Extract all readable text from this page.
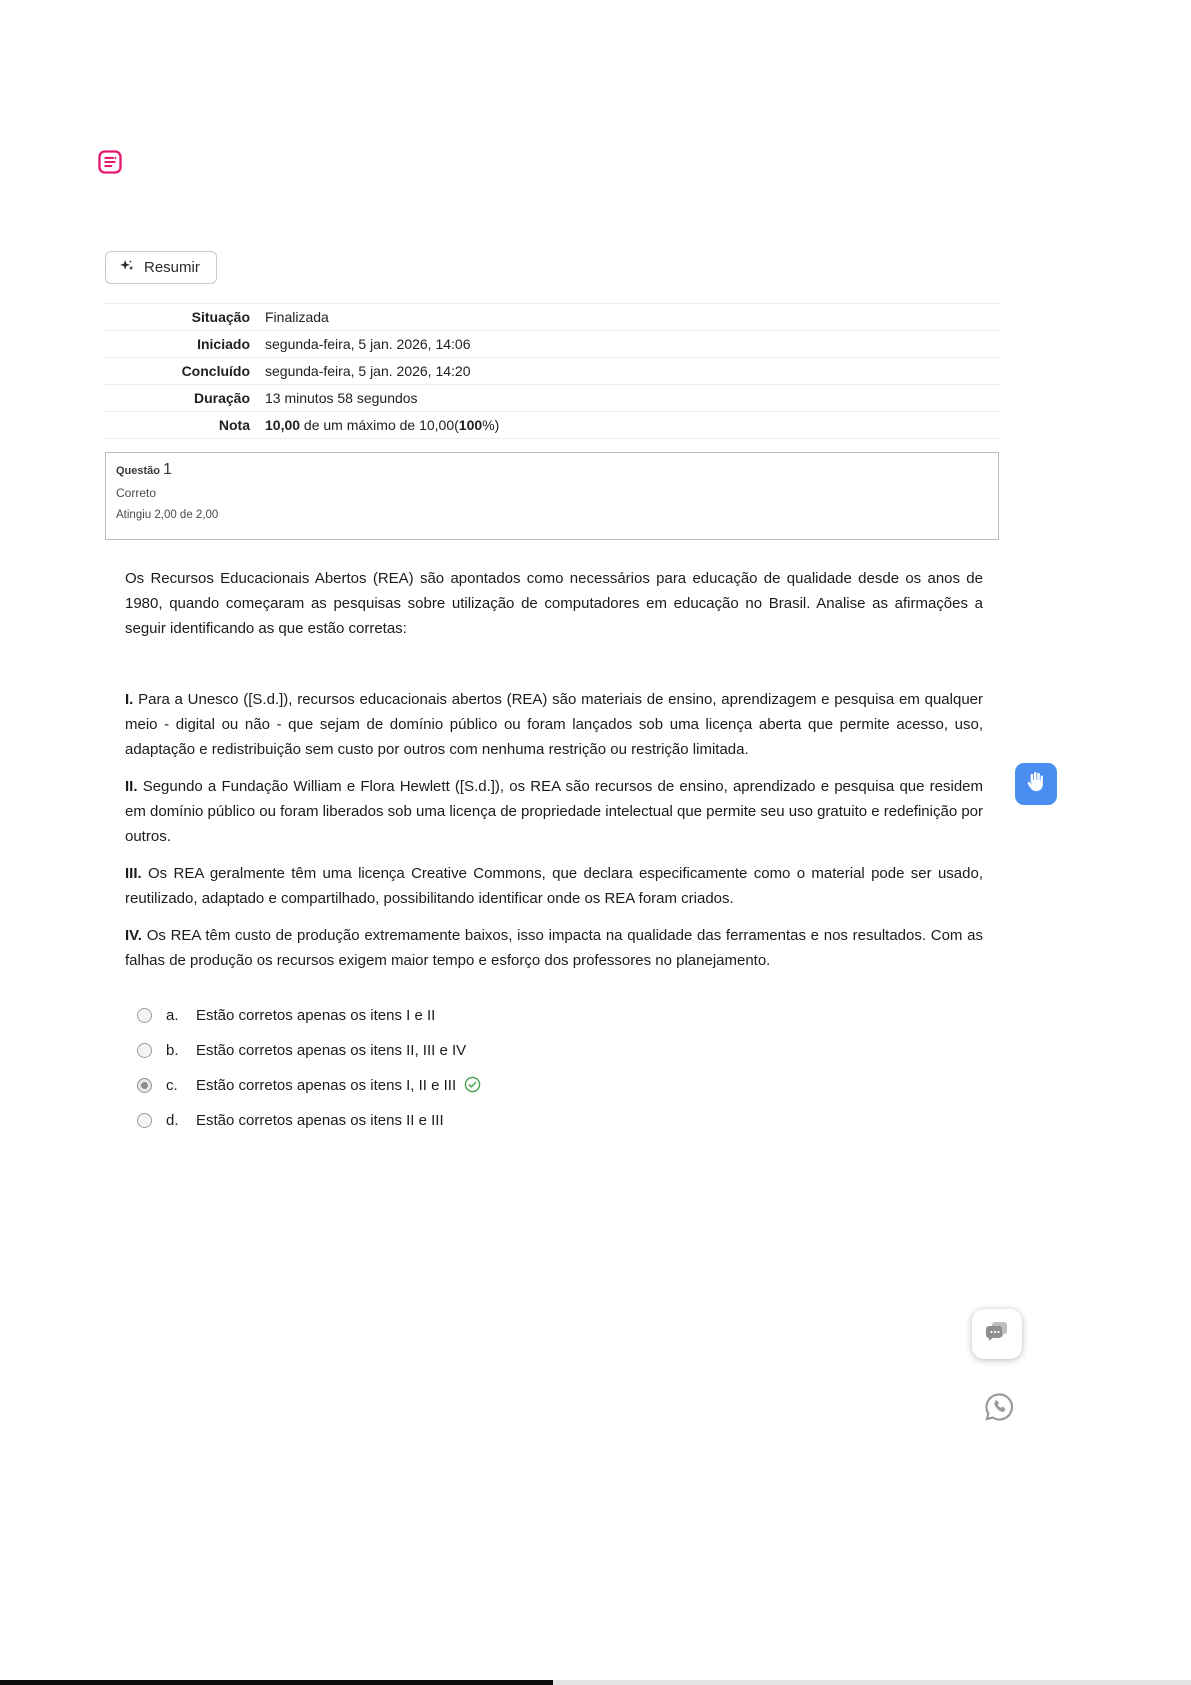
Resumir
Situação	Finalizada
Iniciado	segunda-feira, 5 jan. 2026, 14:06
Concluído	segunda-feira, 5 jan. 2026, 14:20
Duração	13 minutos 58 segundos
Nota	10,00 de um máximo de 10,00(100%)
Questão 1
Correto
Atingiu 2,00 de 2,00

Os Recursos Educacionais Abertos (REA) são apontados como necessários para educação de qualidade desde os anos de 1980, quando começaram as pesquisas sobre utilização de computadores em educação no Brasil. Analise as afirmações a seguir identificando as que estão corretas:

I. Para a Unesco ([S.d.]), recursos educacionais abertos (REA) são materiais de ensino, aprendizagem e pesquisa em qualquer meio - digital ou não - que sejam de domínio público ou foram lançados sob uma licença aberta que permite acesso, uso, adaptação e redistribuição sem custo por outros com nenhuma restrição ou restrição limitada.

II. Segundo a Fundação William e Flora Hewlett ([S.d.]), os REA são recursos de ensino, aprendizado e pesquisa que residem em domínio público ou foram liberados sob uma licença de propriedade intelectual que permite seu uso gratuito e redefinição por outros.

III. Os REA geralmente têm uma licença Creative Commons, que declara especificamente como o material pode ser usado, reutilizado, adaptado e compartilhado, possibilitando identificar onde os REA foram criados.

IV. Os REA têm custo de produção extremamente baixos, isso impacta na qualidade das ferramentas e nos resultados. Com as falhas de produção os recursos exigem maior tempo e esforço dos professores no planejamento.

a.	Estão corretos apenas os itens I e II
b.	Estão corretos apenas os itens II, III e IV
c.	Estão corretos apenas os itens I, II e III
d.	Estão corretos apenas os itens II e III
